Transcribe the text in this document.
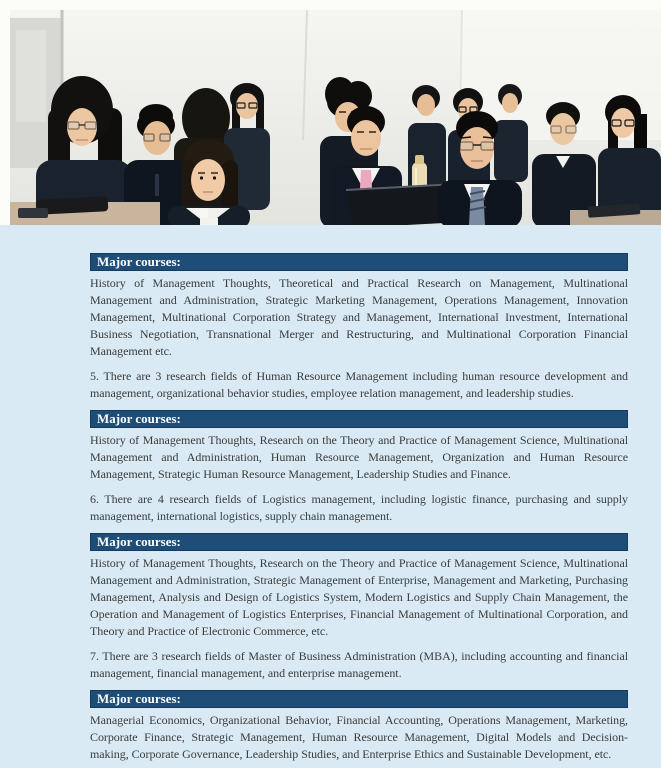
Major courses:

History of Management Thoughts, Theoretical and Practical Research on Management, Multinational Management and Administration, Strategic Marketing Management, Operations Management, Innovation Management, Multinational Corporation Strategy and Management, International Investment, International Business Negotiation, Transnational Merger and Restructuring, and Multinational Corporation Financial Management etc.

5. There are 3 research fields of Human Resource Management including human resource development and management, organizational behavior studies, employee relation management, and leadership studies.

Major courses:

History of Management Thoughts, Research on the Theory and Practice of Management Science, Multinational Management and Administration, Human Resource Management, Organization and Human Resource Management, Strategic Human Resource Management, Leadership Studies and Finance.

6. There are 4 research fields of Logistics management, including logistic finance, purchasing and supply management, international logistics, supply chain management.

Major courses:

History of Management Thoughts, Research on the Theory and Practice of Management Science, Multinational Management and Administration, Strategic Management of Enterprise, Management and Marketing, Purchasing Management, Analysis and Design of Logistics System, Modern Logistics and Supply Chain Management, the Operation and Management of Logistics Enterprises, Financial Management of Multinational Corporation, and Theory and Practice of Electronic Commerce, etc.

7. There are 3 research fields of Master of Business Administration (MBA), including accounting and financial management, financial management, and enterprise management.

Major courses:

Managerial Economics, Organizational Behavior, Financial Accounting, Operations Management, Marketing, Corporate Finance, Strategic Management, Human Resource Management, Digital Models and Decision-making, Corporate Governance, Leadership Studies, and Enterprise Ethics and Sustainable Development, etc.
